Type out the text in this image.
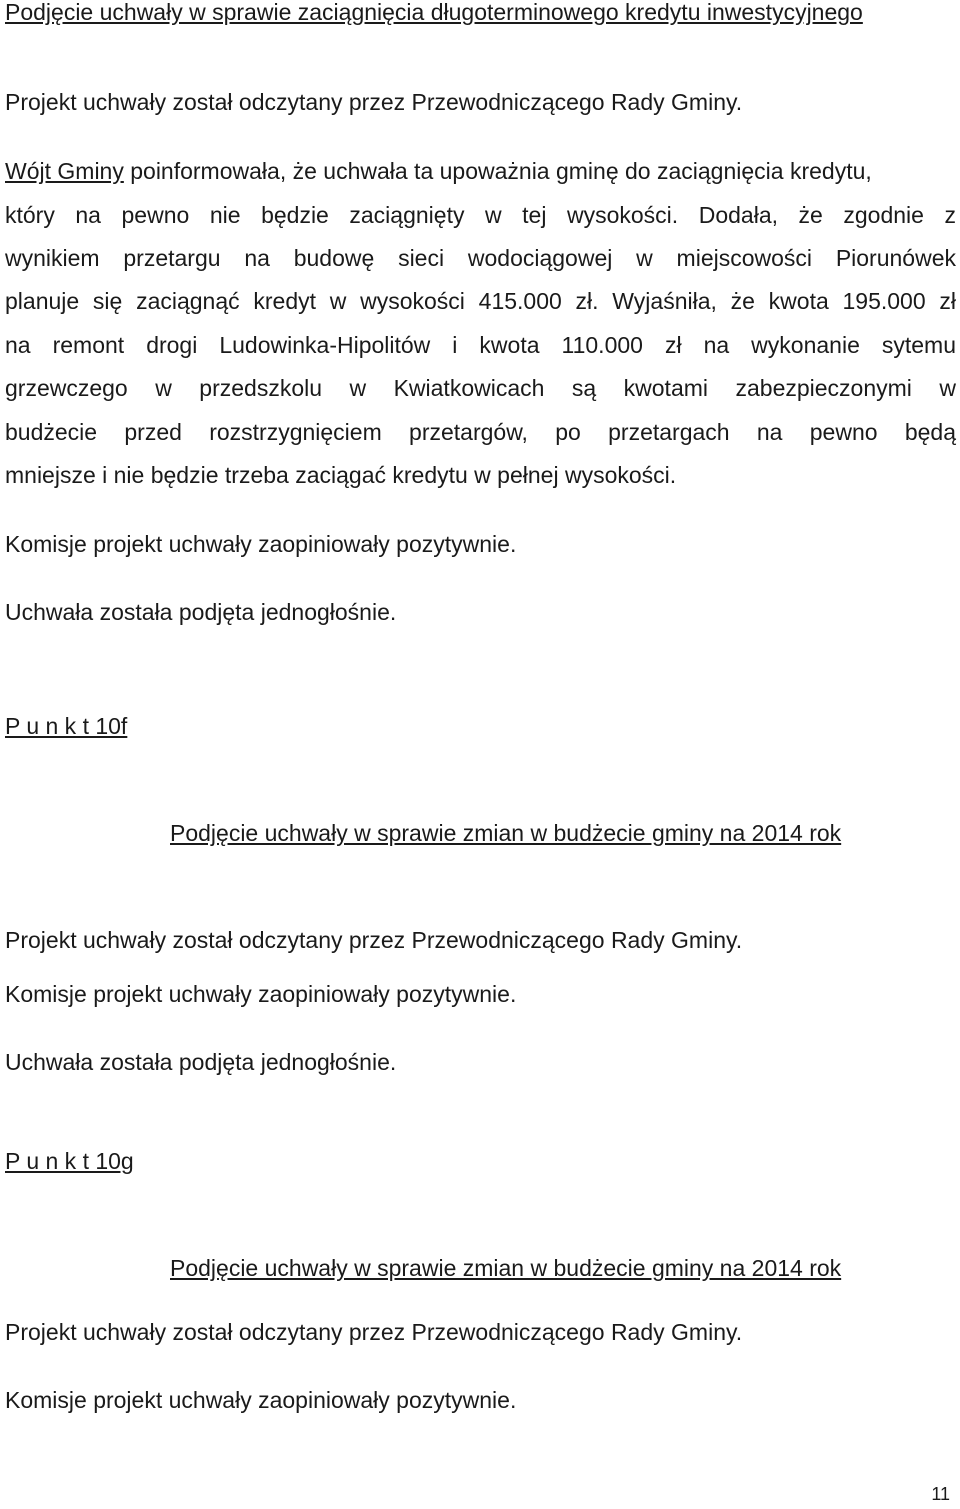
Podjęcie uchwały w sprawie zaciągnięcia długoterminowego kredytu inwestycyjnego
Projekt uchwały został odczytany przez Przewodniczącego Rady Gminy.
Wójt Gminy poinformowała, że uchwała ta upoważnia gminę do zaciągnięcia kredytu,
który na pewno nie będzie zaciągnięty w tej wysokości. Dodała, że zgodnie z
wynikiem przetargu na budowę sieci wodociągowej w miejscowości Piorunówek
planuje się zaciągnąć kredyt w wysokości 415.000 zł. Wyjaśniła, że kwota 195.000 zł
na remont drogi Ludowinka-Hipolitów i kwota 110.000 zł na wykonanie sytemu
grzewczego w przedszkolu w Kwiatkowicach są kwotami zabezpieczonymi w
budżecie przed rozstrzygnięciem przetargów, po przetargach na pewno będą
mniejsze i nie będzie trzeba zaciągać kredytu w pełnej wysokości.
Komisje projekt uchwały zaopiniowały pozytywnie.
Uchwała została podjęta jednogłośnie.
P u n k t 10f
Podjęcie uchwały w sprawie zmian w budżecie gminy na 2014 rok
Projekt uchwały został odczytany przez Przewodniczącego Rady Gminy.
Komisje projekt uchwały zaopiniowały pozytywnie.
Uchwała została podjęta jednogłośnie.
P u n k t 10g
Podjęcie uchwały w sprawie zmian w budżecie gminy na 2014 rok
Projekt uchwały został odczytany przez Przewodniczącego Rady Gminy.
Komisje projekt uchwały zaopiniowały pozytywnie.
11
